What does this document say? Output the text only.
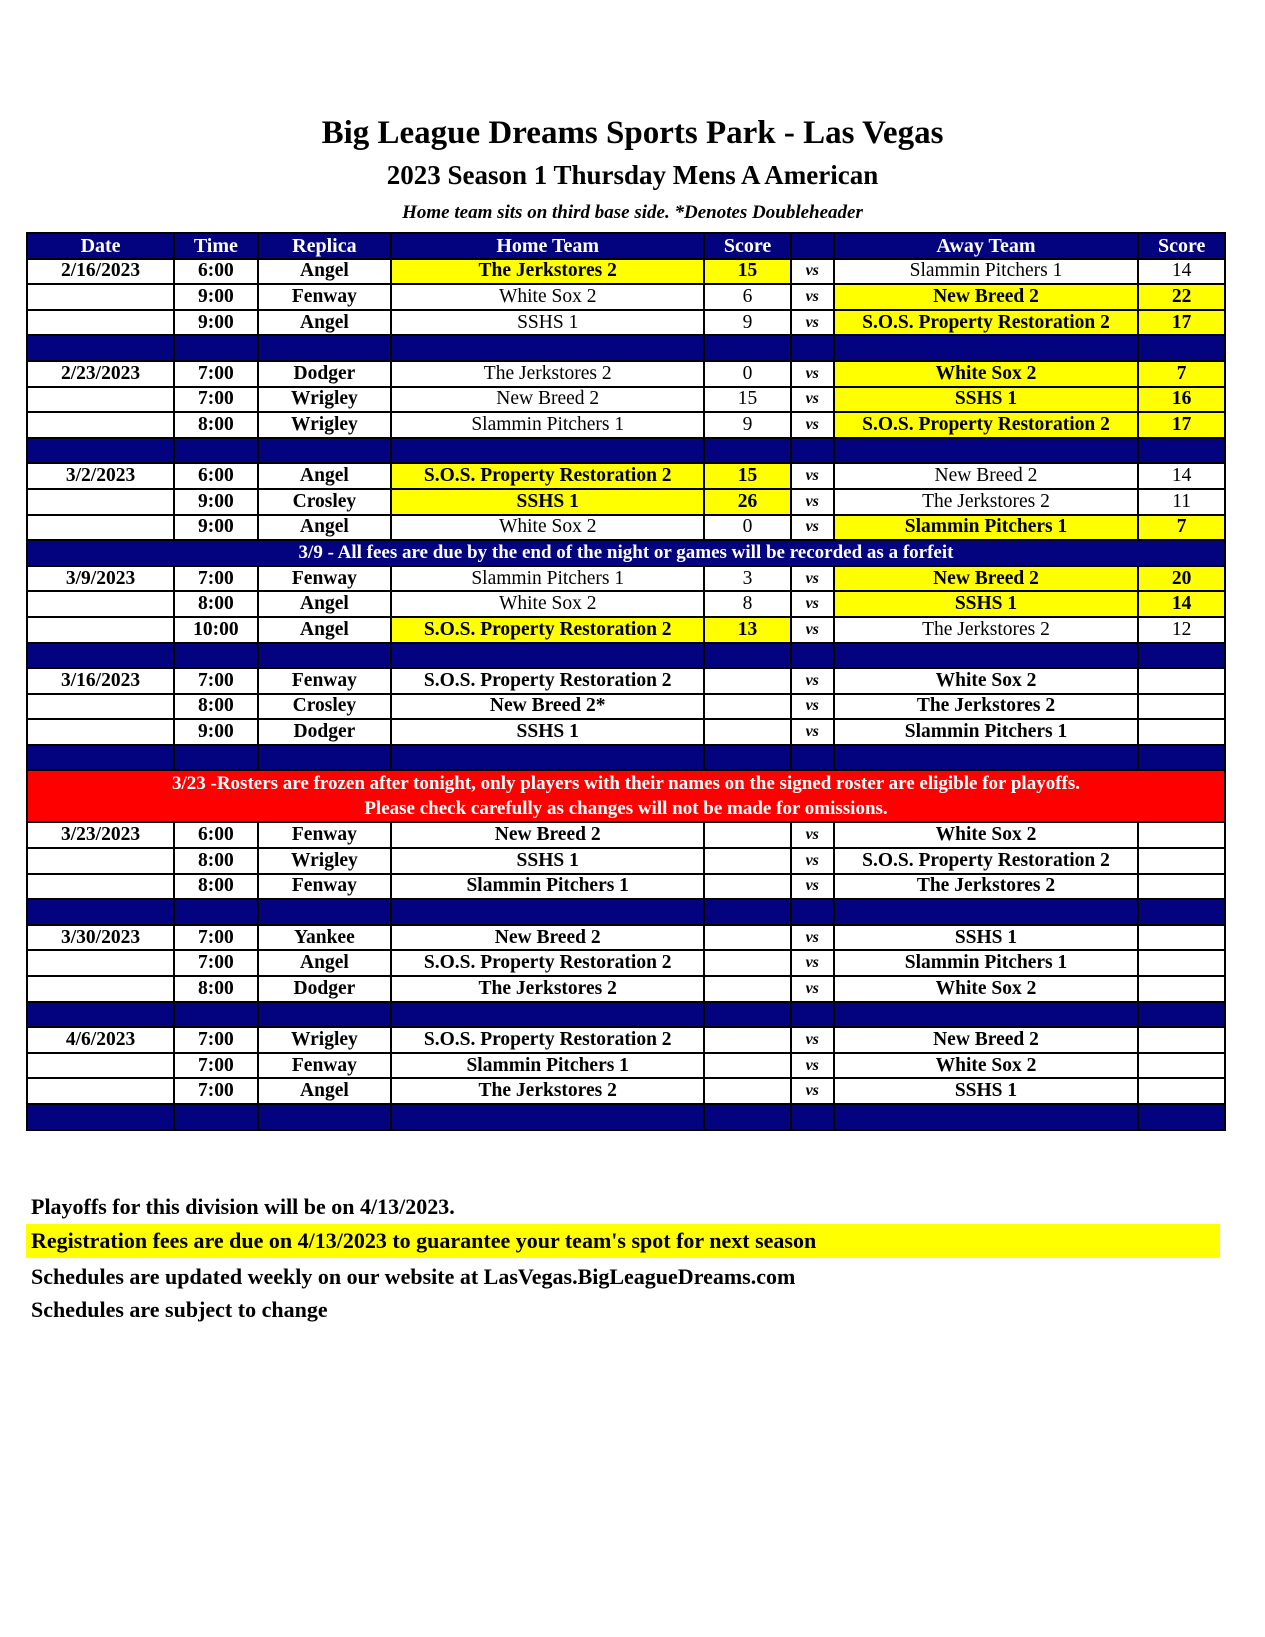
Big League Dreams Sports Park - Las Vegas
2023 Season 1 Thursday Mens A American
Home team sits on third base side. *Denotes Doubleheader
Date	Time	Replica	Home Team	Score		Away Team	Score
2/16/2023	6:00	Angel	The Jerkstores 2	15	vs	Slammin Pitchers 1	14
	9:00	Fenway	White Sox 2	6	vs	New Breed 2	22
	9:00	Angel	SSHS 1	9	vs	S.O.S. Property Restoration 2	17

2/23/2023	7:00	Dodger	The Jerkstores 2	0	vs	White Sox 2	7
	7:00	Wrigley	New Breed 2	15	vs	SSHS 1	16
	8:00	Wrigley	Slammin Pitchers 1	9	vs	S.O.S. Property Restoration 2	17

3/2/2023	6:00	Angel	S.O.S. Property Restoration 2	15	vs	New Breed 2	14
	9:00	Crosley	SSHS 1	26	vs	The Jerkstores 2	11
	9:00	Angel	White Sox 2	0	vs	Slammin Pitchers 1	7
3/9 - All fees are due by the end of the night or games will be recorded as a forfeit							
3/9/2023	7:00	Fenway	Slammin Pitchers 1	3	vs	New Breed 2	20
	8:00	Angel	White Sox 2	8	vs	SSHS 1	14
	10:00	Angel	S.O.S. Property Restoration 2	13	vs	The Jerkstores 2	12

3/16/2023	7:00	Fenway	S.O.S. Property Restoration 2		vs	White Sox 2	
	8:00	Crosley	New Breed 2*		vs	The Jerkstores 2	
	9:00	Dodger	SSHS 1		vs	Slammin Pitchers 1	

3/23 -Rosters are frozen after tonight, only players with their names on the signed roster are eligible for playoffs.
Please check carefully as changes will not be made for omissions.							

3/23/2023	6:00	Fenway	New Breed 2		vs	White Sox 2	
	8:00	Wrigley	SSHS 1		vs	S.O.S. Property Restoration 2	
	8:00	Fenway	Slammin Pitchers 1		vs	The Jerkstores 2	

3/30/2023	7:00	Yankee	New Breed 2		vs	SSHS 1	
	7:00	Angel	S.O.S. Property Restoration 2		vs	Slammin Pitchers 1	
	8:00	Dodger	The Jerkstores 2		vs	White Sox 2	

4/6/2023	7:00	Wrigley	S.O.S. Property Restoration 2		vs	New Breed 2	
	7:00	Fenway	Slammin Pitchers 1		vs	White Sox 2	
	7:00	Angel	The Jerkstores 2		vs	SSHS 1	

Playoffs for this division will be on 4/13/2023.
Registration fees are due on 4/13/2023 to guarantee your team's spot for next season
Schedules are updated weekly on our website at LasVegas.BigLeagueDreams.com
Schedules are subject to change
